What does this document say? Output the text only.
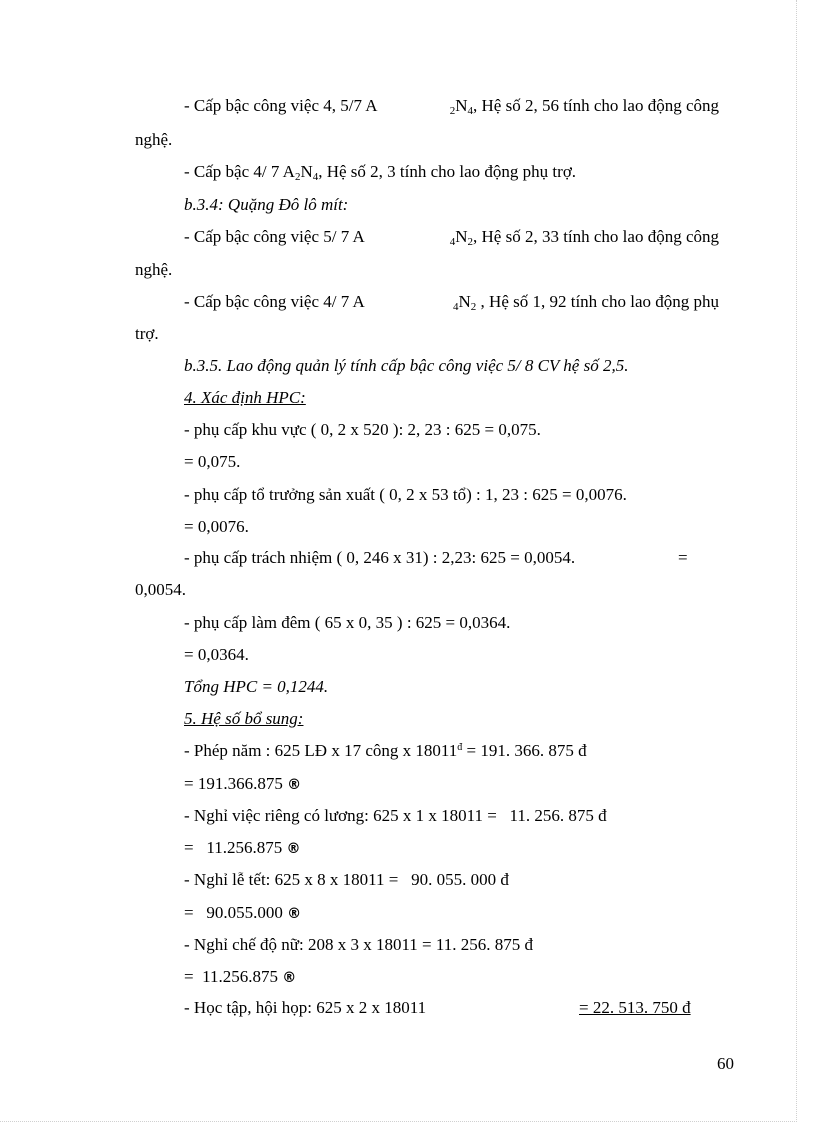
- Cấp bậc công việc 4, 5/7 A	$_2N_4$, Hệ số 2, 56 tính cho lao động công
nghệ.
- Cấp bậc 4/ 7 $A_2N_4$, Hệ số 2, 3 tính cho lao động phụ trợ.
b.3.4: Quặng Đô lô mít:
- Cấp bậc công việc 5/ 7 A	$_4N_2$, Hệ số 2, 33 tính cho lao động công
nghệ.
- Cấp bậc công việc 4/ 7 A	$_4N_2$ , Hệ số 1, 92 tính cho lao động phụ
trợ.
b.3.5. Lao động quản lý tính cấp bậc công việc 5/ 8 CV hệ số 2,5.
4. Xác định HPC:
- phụ cấp khu vực ( 0, 2 x 520 ): 2, 23 : 625 = 0,075.
= 0,075.
- phụ cấp tổ trưởng sản xuất ( 0, 2 x 53 tổ) : 1, 23 : 625 = 0,0076.
= 0,0076.
- phụ cấp trách nhiệm ( 0, 246 x 31) : 2,23: 625 = 0,0054.	=
0,0054.
- phụ cấp làm đêm ( 65 x 0, 35 ) : 625 = 0,0364.
= 0,0364.
Tổng HPC = 0,1244.
5. Hệ số bổ sung:
- Phép năm : 625 LĐ x 17 công x $18011^đ = 191$. 366. 875 đ
= 191.366.875 ®
- Nghỉ việc riêng có lương: 625 x 1 x 18011 =   11. 256. 875 đ
=   11.256.875 ®
- Nghỉ lễ tết: 625 x 8 x 18011 =   90. 055. 000 đ
=   90.055.000 ®
- Nghỉ chế độ nữ: 208 x 3 x 18011 = 11. 256. 875 đ
=  11.256.875 ®
- Học tập, hội họp: 625 x 2 x 18011	= 22. 513. 750 đ
60
